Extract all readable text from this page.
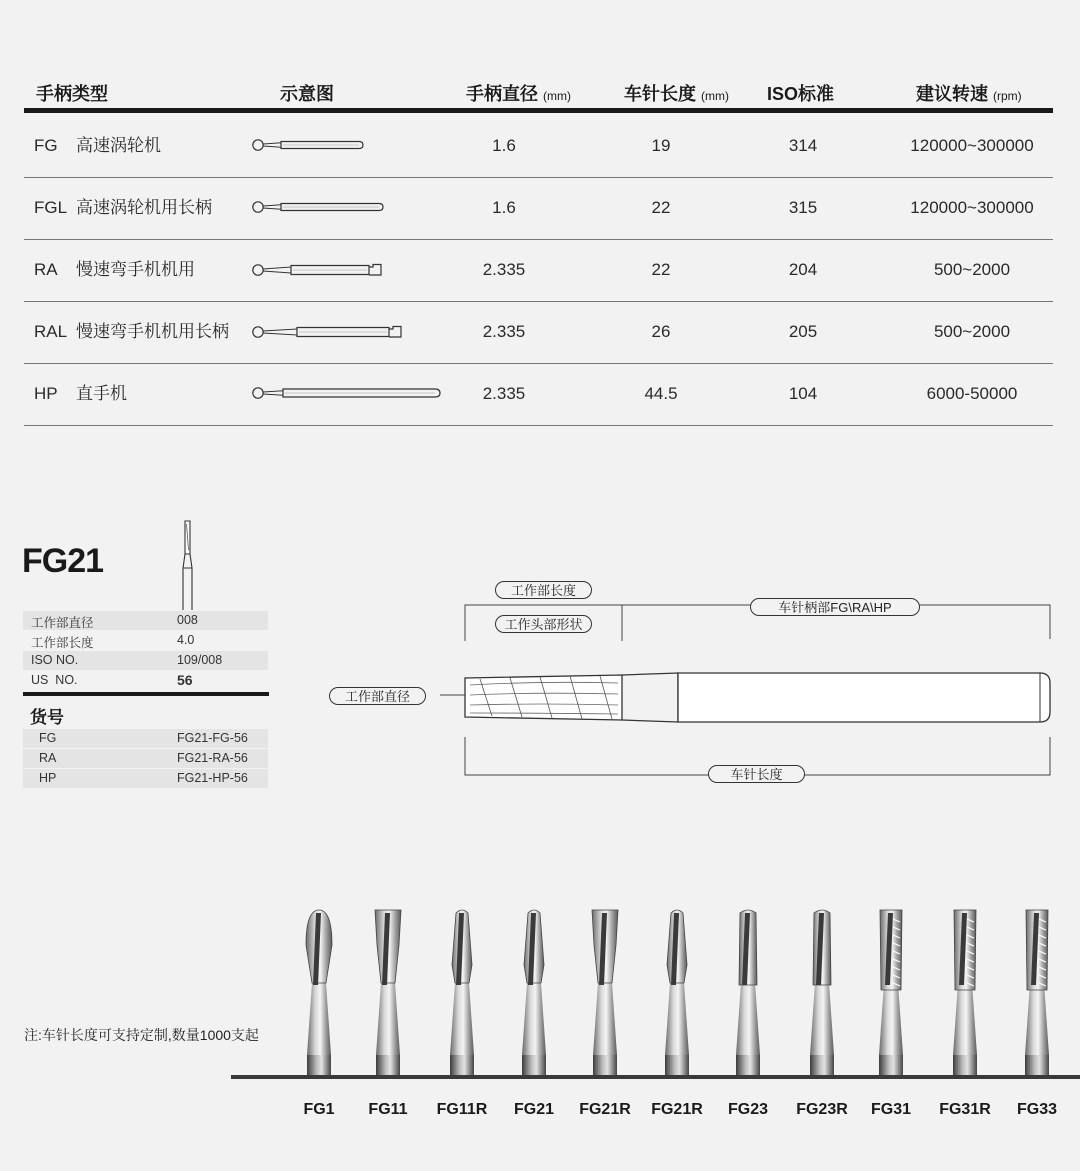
手柄类型	示意图	手柄直径 (mm)	车针长度 (mm) ISO标准	建议转速 (rpm)
FG 高速涡轮机	1.6	19	314	120000~300000
FGL 高速涡轮机用长柄	1.6	22	315	120000~300000
RA 慢速弯手机机用	2.335	22	204	500~2000
RAL 慢速弯手机机用长柄	2.335	26	205	500~2000
HP 直手机	2.335	44.5	104	6000-50000
FG21
工作部直径	008
工作部长度	4.0
ISO NO.	109/008
US  NO.	56
货号
FG	FG21-FG-56
RA	FG21-RA-56
HP	FG21-HP-56
工作部长度
工作头部形状
车针柄部FG\RA\HP
工作部直径
车针长度
注:车针长度可支持定制,数量1000支起
FG1	FG11	FG11R	FG21	FG21R	FG21R	FG23	FG23R	FG31	FG31R	FG33
